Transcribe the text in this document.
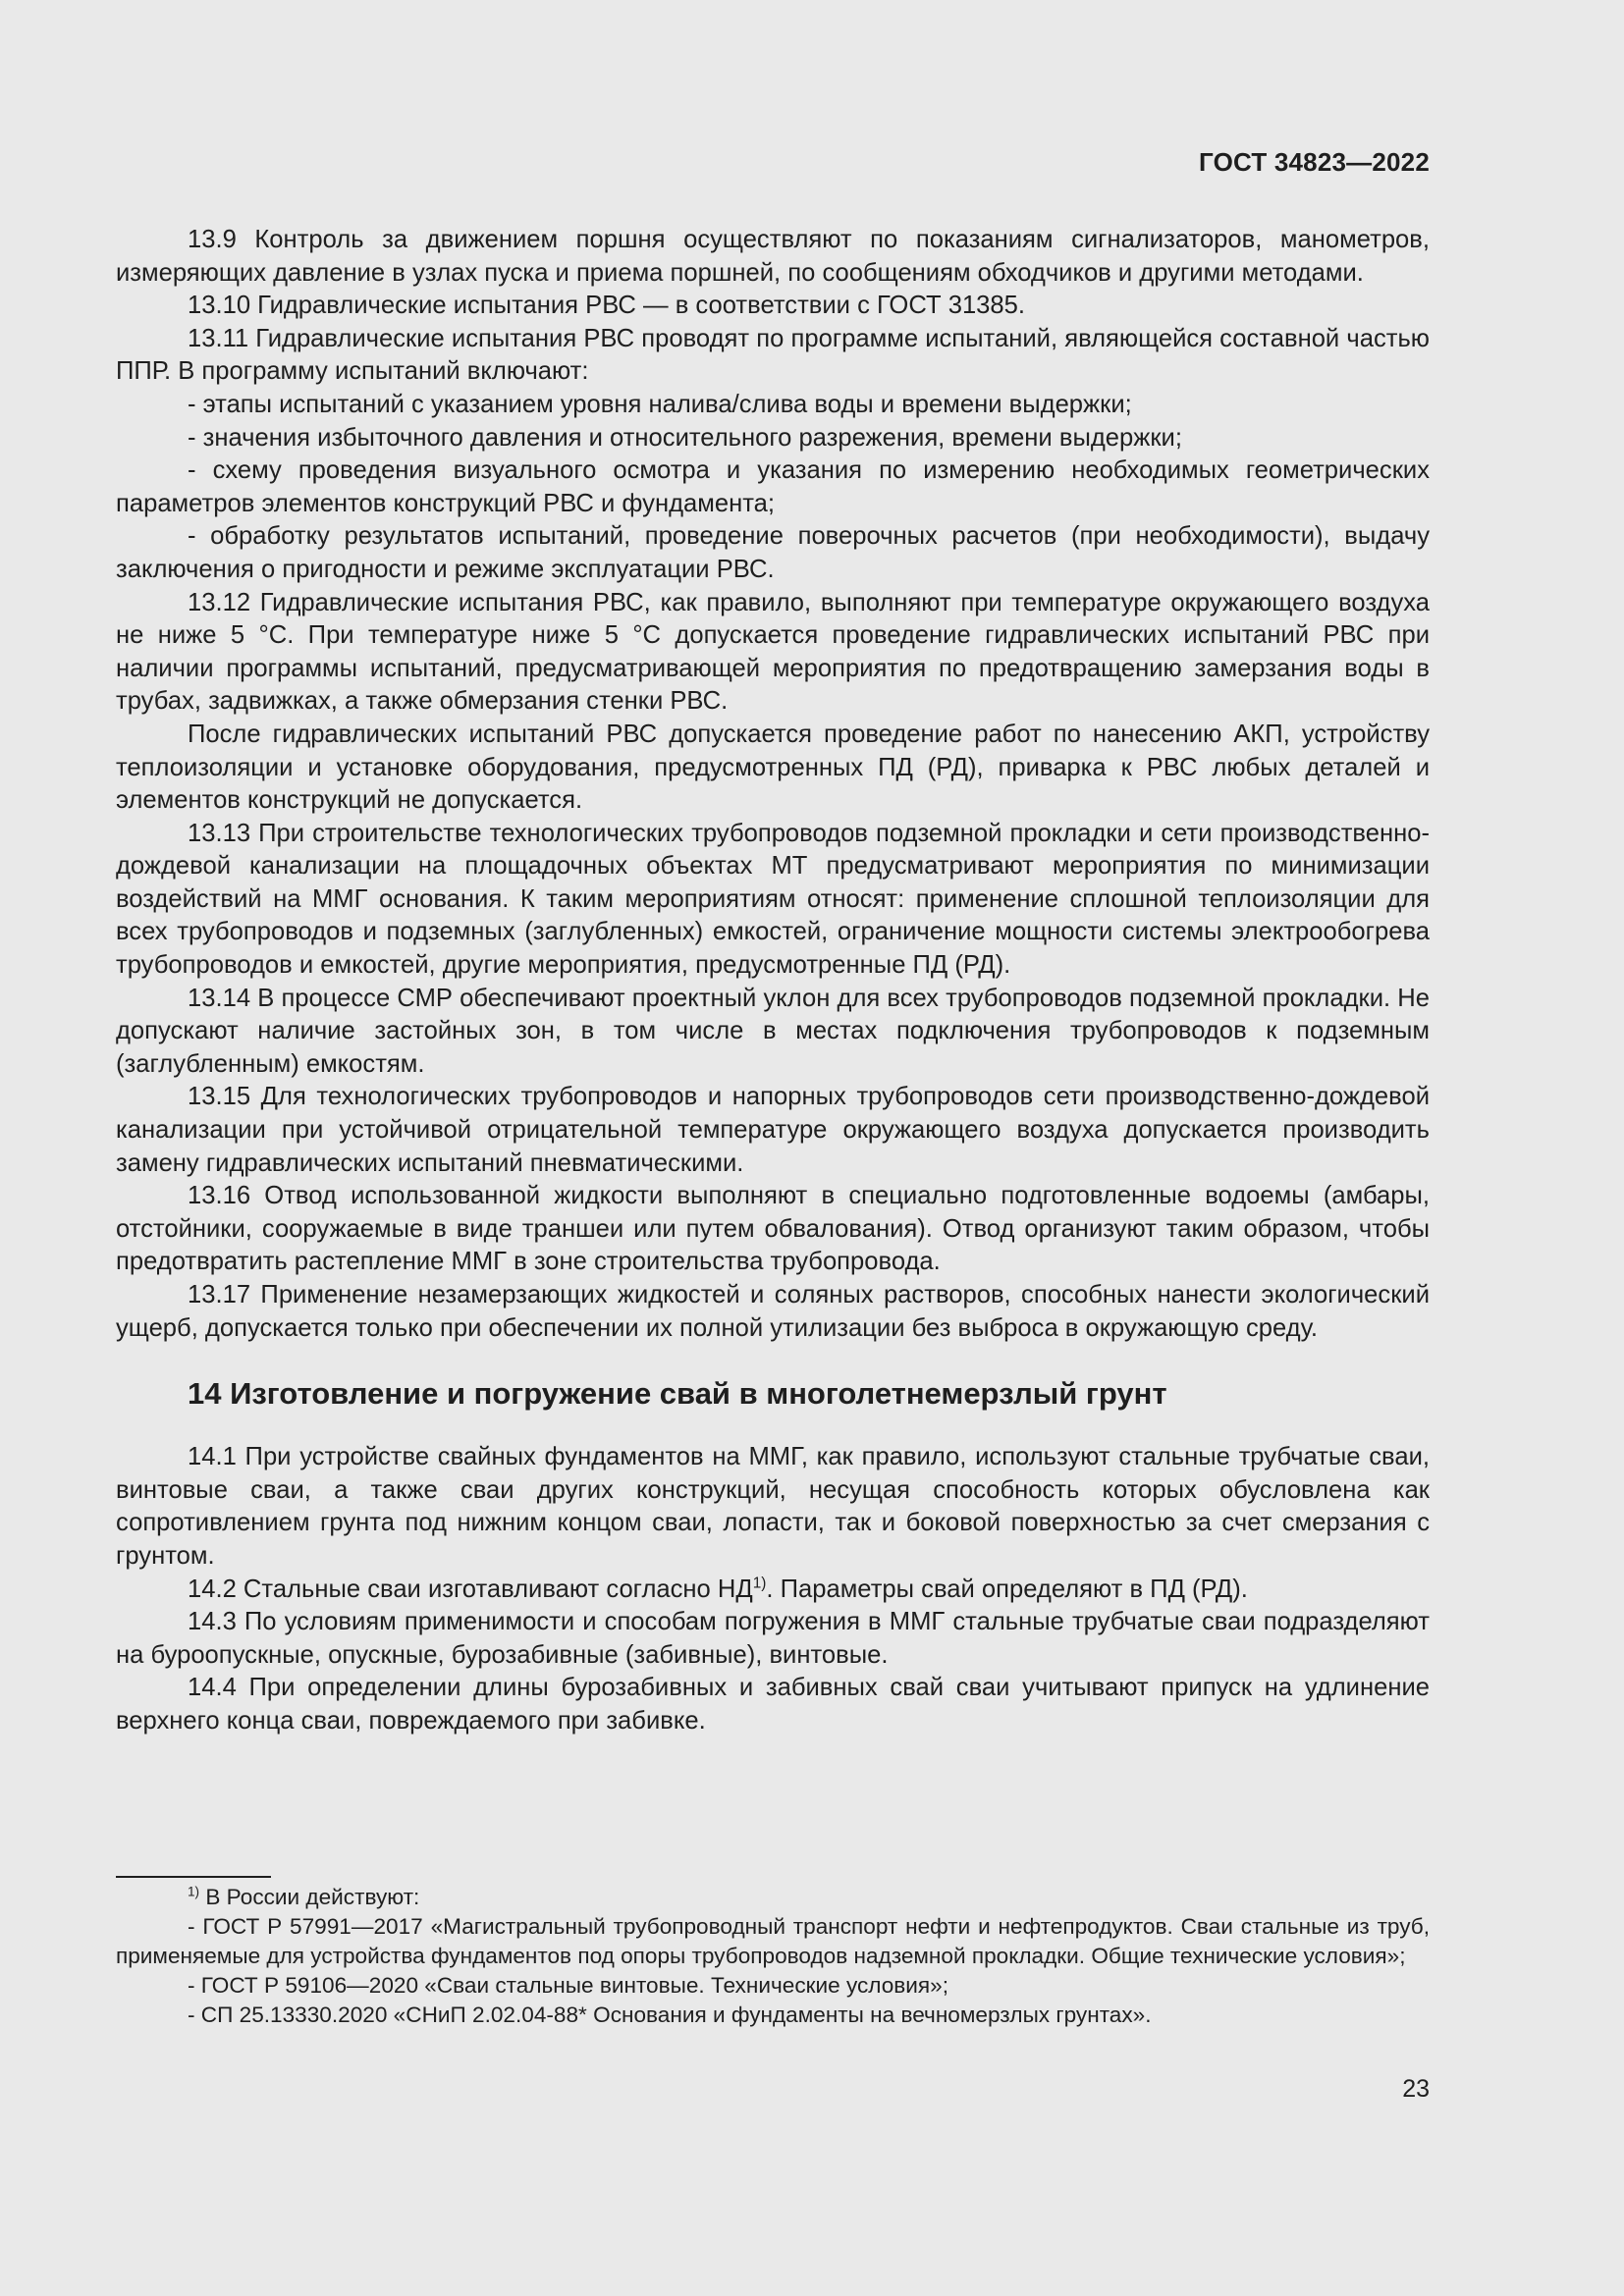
ГОСТ 34823—2022

13.9 Контроль за движением поршня осуществляют по показаниям сигнализаторов, манометров, измеряющих давление в узлах пуска и приема поршней, по сообщениям обходчиков и другими методами.

13.10 Гидравлические испытания РВС — в соответствии с ГОСТ 31385.

13.11 Гидравлические испытания РВС проводят по программе испытаний, являющейся составной частью ППР. В программу испытаний включают:

- этапы испытаний с указанием уровня налива/слива воды и времени выдержки;

- значения избыточного давления и относительного разрежения, времени выдержки;

- схему проведения визуального осмотра и указания по измерению необходимых геометрических параметров элементов конструкций РВС и фундамента;

- обработку результатов испытаний, проведение поверочных расчетов (при необходимости), выдачу заключения о пригодности и режиме эксплуатации РВС.

13.12 Гидравлические испытания РВС, как правило, выполняют при температуре окружающего воздуха не ниже 5 °С. При температуре ниже 5 °С допускается проведение гидравлических испытаний РВС при наличии программы испытаний, предусматривающей мероприятия по предотвращению замерзания воды в трубах, задвижках, а также обмерзания стенки РВС.

После гидравлических испытаний РВС допускается проведение работ по нанесению АКП, устройству теплоизоляции и установке оборудования, предусмотренных ПД (РД), приварка к РВС любых деталей и элементов конструкций не допускается.

13.13 При строительстве технологических трубопроводов подземной прокладки и сети производственно-дождевой канализации на площадочных объектах МТ предусматривают мероприятия по минимизации воздействий на ММГ основания. К таким мероприятиям относят: применение сплошной теплоизоляции для всех трубопроводов и подземных (заглубленных) емкостей, ограничение мощности системы электрообогрева трубопроводов и емкостей, другие мероприятия, предусмотренные ПД (РД).

13.14 В процессе СМР обеспечивают проектный уклон для всех трубопроводов подземной прокладки. Не допускают наличие застойных зон, в том числе в местах подключения трубопроводов к подземным (заглубленным) емкостям.

13.15 Для технологических трубопроводов и напорных трубопроводов сети производственно-дождевой канализации при устойчивой отрицательной температуре окружающего воздуха допускается производить замену гидравлических испытаний пневматическими.

13.16 Отвод использованной жидкости выполняют в специально подготовленные водоемы (амбары, отстойники, сооружаемые в виде траншеи или путем обвалования). Отвод организуют таким образом, чтобы предотвратить растепление ММГ в зоне строительства трубопровода.

13.17 Применение незамерзающих жидкостей и соляных растворов, способных нанести экологический ущерб, допускается только при обеспечении их полной утилизации без выброса в окружающую среду.

14 Изготовление и погружение свай в многолетнемерзлый грунт

14.1 При устройстве свайных фундаментов на ММГ, как правило, используют стальные трубчатые сваи, винтовые сваи, а также сваи других конструкций, несущая способность которых обусловлена как сопротивлением грунта под нижним концом сваи, лопасти, так и боковой поверхностью за счет смерзания с грунтом.

14.2 Стальные сваи изготавливают согласно НД$^{1)}$. Параметры свай определяют в ПД (РД).

14.3 По условиям применимости и способам погружения в ММГ стальные трубчатые сваи подразделяют на буроопускные, опускные, бурозабивные (забивные), винтовые.

14.4 При определении длины бурозабивных и забивных свай сваи учитывают припуск на удлинение верхнего конца сваи, повреждаемого при забивке.

$^{1)}$ В России действуют:

- ГОСТ Р 57991—2017 «Магистральный трубопроводный транспорт нефти и нефтепродуктов. Сваи стальные из труб, применяемые для устройства фундаментов под опоры трубопроводов надземной прокладки. Общие технические условия»;

- ГОСТ Р 59106—2020 «Сваи стальные винтовые. Технические условия»;

- СП 25.13330.2020 «СНиП 2.02.04-88* Основания и фундаменты на вечномерзлых грунтах».

23
